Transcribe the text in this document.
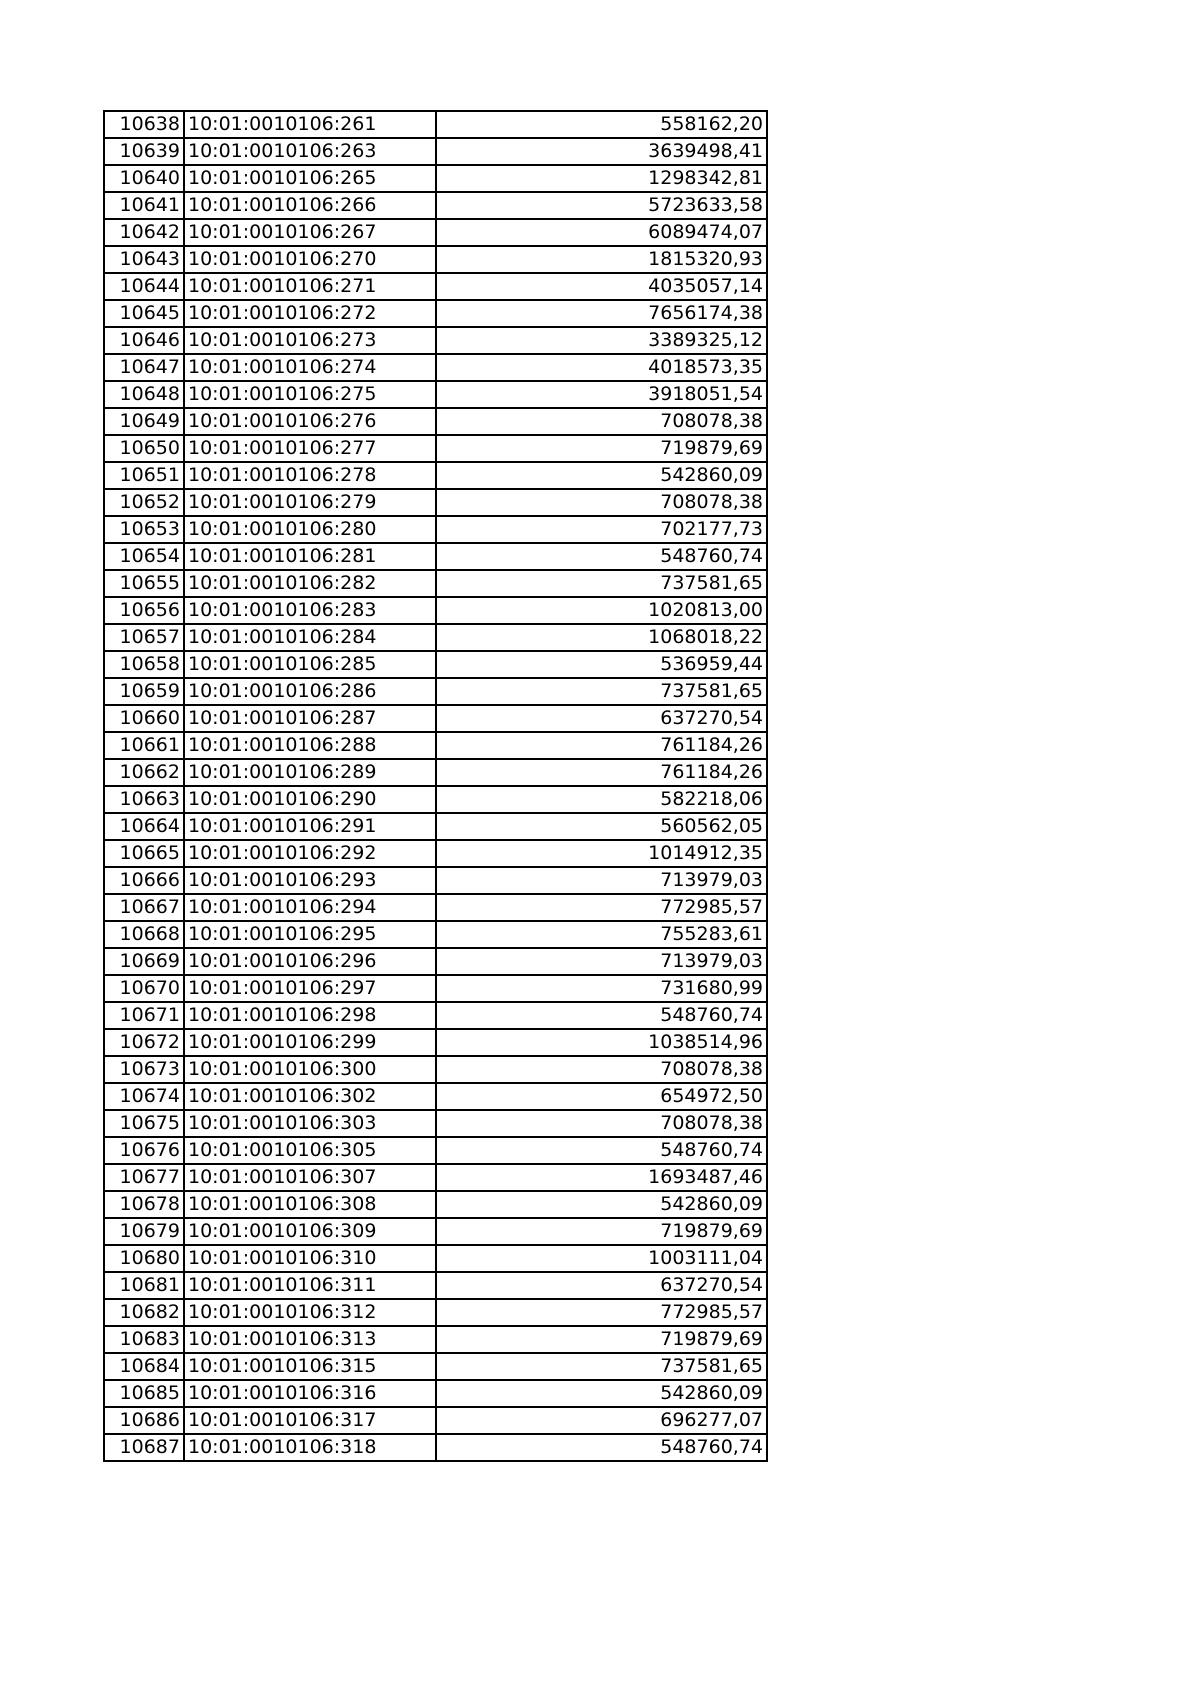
10638	10:01:0010106:261	558162,20
10639	10:01:0010106:263	3639498,41
10640	10:01:0010106:265	1298342,81
10641	10:01:0010106:266	5723633,58
10642	10:01:0010106:267	6089474,07
10643	10:01:0010106:270	1815320,93
10644	10:01:0010106:271	4035057,14
10645	10:01:0010106:272	7656174,38
10646	10:01:0010106:273	3389325,12
10647	10:01:0010106:274	4018573,35
10648	10:01:0010106:275	3918051,54
10649	10:01:0010106:276	708078,38
10650	10:01:0010106:277	719879,69
10651	10:01:0010106:278	542860,09
10652	10:01:0010106:279	708078,38
10653	10:01:0010106:280	702177,73
10654	10:01:0010106:281	548760,74
10655	10:01:0010106:282	737581,65
10656	10:01:0010106:283	1020813,00
10657	10:01:0010106:284	1068018,22
10658	10:01:0010106:285	536959,44
10659	10:01:0010106:286	737581,65
10660	10:01:0010106:287	637270,54
10661	10:01:0010106:288	761184,26
10662	10:01:0010106:289	761184,26
10663	10:01:0010106:290	582218,06
10664	10:01:0010106:291	560562,05
10665	10:01:0010106:292	1014912,35
10666	10:01:0010106:293	713979,03
10667	10:01:0010106:294	772985,57
10668	10:01:0010106:295	755283,61
10669	10:01:0010106:296	713979,03
10670	10:01:0010106:297	731680,99
10671	10:01:0010106:298	548760,74
10672	10:01:0010106:299	1038514,96
10673	10:01:0010106:300	708078,38
10674	10:01:0010106:302	654972,50
10675	10:01:0010106:303	708078,38
10676	10:01:0010106:305	548760,74
10677	10:01:0010106:307	1693487,46
10678	10:01:0010106:308	542860,09
10679	10:01:0010106:309	719879,69
10680	10:01:0010106:310	1003111,04
10681	10:01:0010106:311	637270,54
10682	10:01:0010106:312	772985,57
10683	10:01:0010106:313	719879,69
10684	10:01:0010106:315	737581,65
10685	10:01:0010106:316	542860,09
10686	10:01:0010106:317	696277,07
10687	10:01:0010106:318	548760,74
